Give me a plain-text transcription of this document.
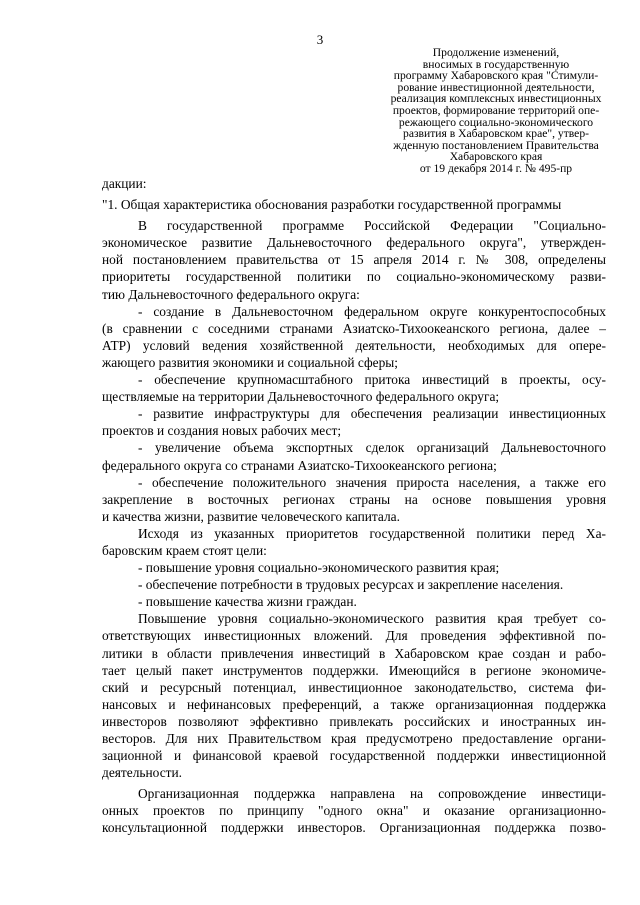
3
Продолжение изменений,
вносимых в государственную
программу Хабаровского края "Стимули-
рование инвестиционной деятельности,
реализация комплексных инвестиционных
проектов, формирование территорий опе-
режающего социально-экономического
развития в Хабаровском крае", утвер-
жденную постановлением Правительства
Хабаровского края
от 19 декабря 2014 г. № 495-пр
дакции:
"1. Общая характеристика обоснования разработки государственной программы
В государственной программе Российской Федерации "Социально-
экономическое развитие Дальневосточного федерального округа", утвержден-
ной постановлением правительства от 15 апреля 2014 г. № 308, определены
приоритеты государственной политики по социально-экономическому разви-
тию Дальневосточного федерального округа:
- создание в Дальневосточном федеральном округе конкурентоспособных
(в сравнении с соседними странами Азиатско-Тихоокеанского региона, далее –
АТР) условий ведения хозяйственной деятельности, необходимых для опере-
жающего развития экономики и социальной сферы;
- обеспечение крупномасштабного притока инвестиций в проекты, осу-
ществляемые на территории Дальневосточного федерального округа;
- развитие инфраструктуры для обеспечения реализации инвестиционных
проектов и создания новых рабочих мест;
- увеличение объема экспортных сделок организаций Дальневосточного
федерального округа со странами Азиатско-Тихоокеанского региона;
- обеспечение положительного значения прироста населения, а также его
закрепление в восточных регионах страны на основе повышения уровня
и качества жизни, развитие человеческого капитала.
Исходя из указанных приоритетов государственной политики перед Ха-
баровским краем стоят цели:
- повышение уровня социально-экономического развития края;
- обеспечение потребности в трудовых ресурсах и закрепление населения.
- повышение качества жизни граждан.
Повышение уровня социально-экономического развития края требует со-
ответствующих инвестиционных вложений. Для проведения эффективной по-
литики в области привлечения инвестиций в Хабаровском крае создан и рабо-
тает целый пакет инструментов поддержки. Имеющийся в регионе экономиче-
ский и ресурсный потенциал, инвестиционное законодательство, система фи-
нансовых и нефинансовых преференций, а также организационная поддержка
инвесторов позволяют эффективно привлекать российских и иностранных ин-
весторов. Для них Правительством края предусмотрено предоставление органи-
зационной и финансовой краевой государственной поддержки инвестиционной
деятельности.
Организационная поддержка направлена на сопровождение инвестици-
онных проектов по принципу "одного окна" и оказание организационно-
консультационной поддержки инвесторов. Организационная поддержка позво-
